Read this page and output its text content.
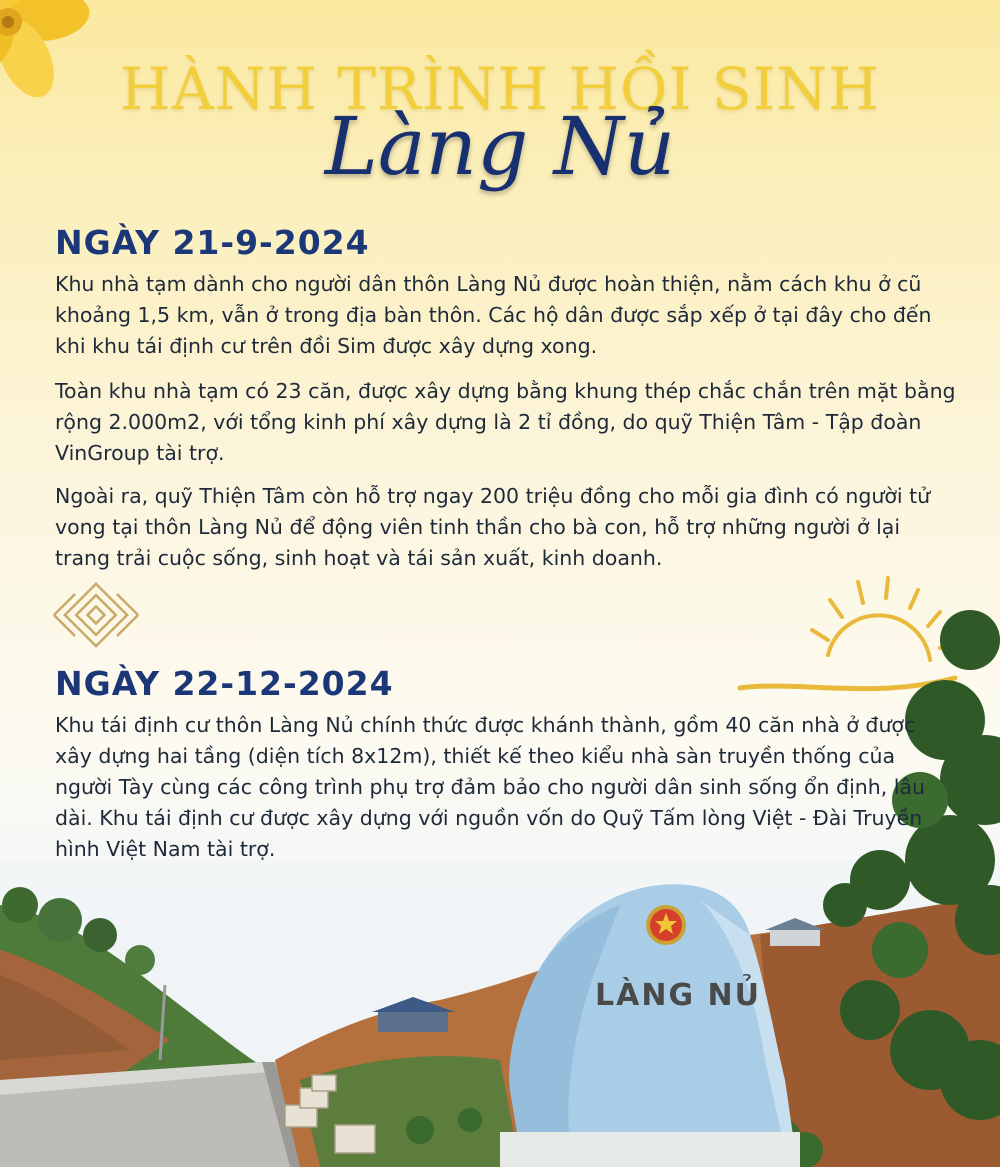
HÀNH TRÌNH HỒI SINH
Làng Nủ
NGÀY 21-9-2024

Khu nhà tạm dành cho người dân thôn Làng Nủ được hoàn thiện, nằm cách khu ở cũ khoảng 1,5 km, vẫn ở trong địa bàn thôn. Các hộ dân được sắp xếp ở tại đây cho đến khi khu tái định cư trên đồi Sim được xây dựng xong.

Toàn khu nhà tạm có 23 căn, được xây dựng bằng khung thép chắc chắn trên mặt bằng rộng 2.000m2, với tổng kinh phí xây dựng là 2 tỉ đồng, do quỹ Thiện Tâm - Tập đoàn VinGroup tài trợ.

Ngoài ra, quỹ Thiện Tâm còn hỗ trợ ngay 200 triệu đồng cho mỗi gia đình có người tử vong tại thôn Làng Nủ để động viên tinh thần cho bà con, hỗ trợ những người ở lại trang trải cuộc sống, sinh hoạt và tái sản xuất, kinh doanh.

NGÀY 22-12-2024

Khu tái định cư thôn Làng Nủ chính thức được khánh thành, gồm 40 căn nhà ở được xây dựng hai tầng (diện tích 8x12m), thiết kế theo kiểu nhà sàn truyền thống của người Tày cùng các công trình phụ trợ đảm bảo cho người dân sinh sống ổn định, lâu dài. Khu tái định cư được xây dựng với nguồn vốn do Quỹ Tấm lòng Việt - Đài Truyền hình Việt Nam tài trợ.

LÀNG NỦ
